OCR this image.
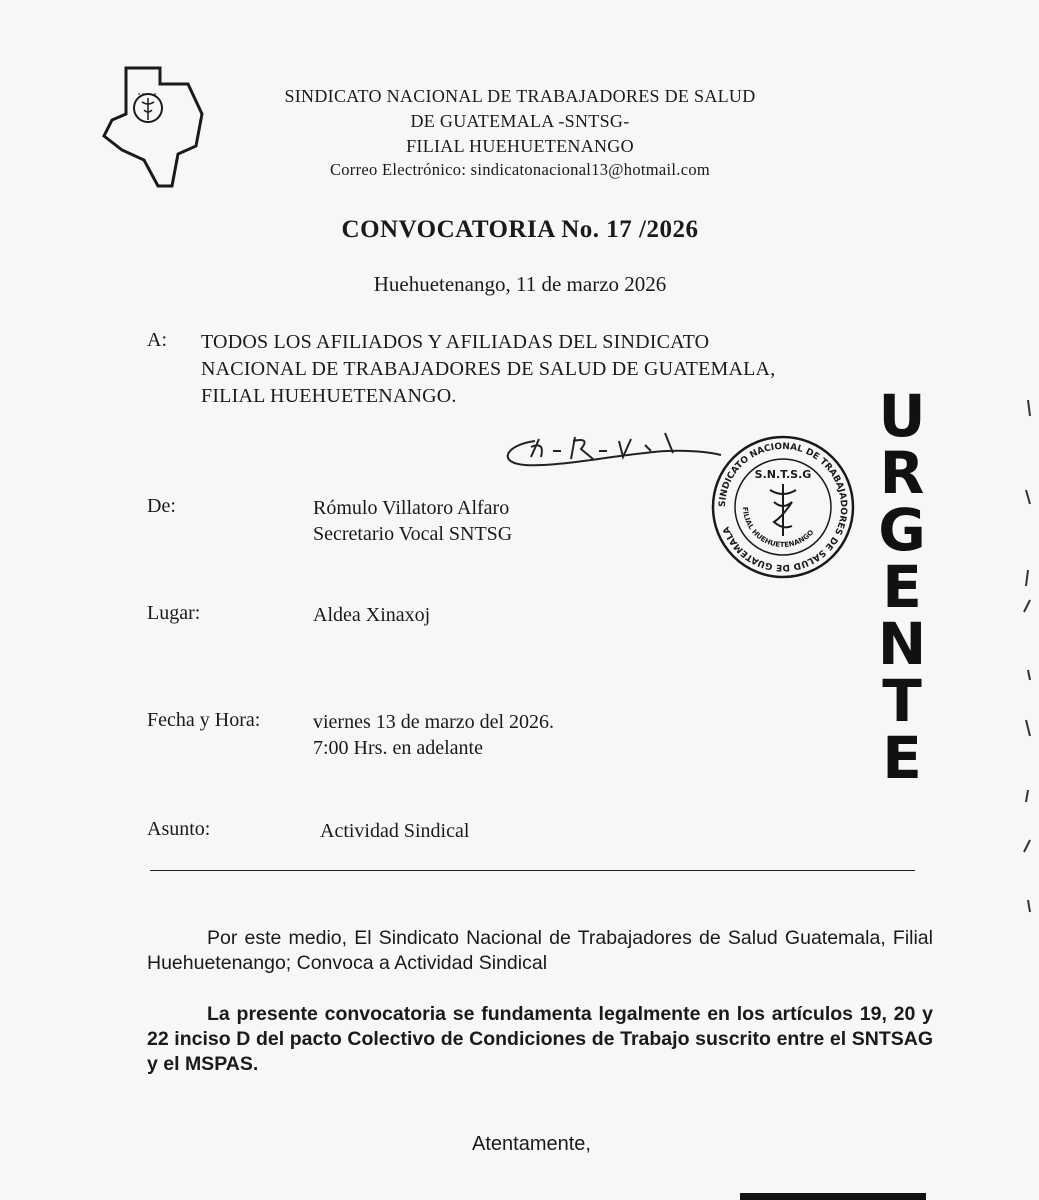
SINDICATO NACIONAL DE TRABAJADORES DE SALUD
DE GUATEMALA -SNTSG-
FILIAL HUEHUETENANGO
Correo Electrónico: sindicatonacional13@hotmail.com
CONVOCATORIA No. 17 /2026
Huehuetenango, 11 de marzo 2026
A: TODOS LOS AFILIADOS Y AFILIADAS DEL SINDICATO
NACIONAL DE TRABAJADORES DE SALUD DE GUATEMALA,
FILIAL HUEHUETENANGO.
De:	Rómulo Villatoro Alfaro
Secretario Vocal SNTSG
Lugar:	Aldea Xinaxoj
Fecha y Hora:	viernes 13 de marzo del 2026.
7:00 Hrs. en adelante
Asunto:	Actividad Sindical
Por este medio, El Sindicato Nacional de Trabajadores de Salud Guatemala, Filial Huehuetenango; Convoca a Actividad Sindical
La presente convocatoria se fundamenta legalmente en los artículos 19, 20 y 22 inciso D del pacto Colectivo de Condiciones de Trabajo suscrito entre el SNTSAG y el MSPAS.
Atentamente,
SINDICATO NACIONAL DE TRABAJADORES DE SALUD DE GUATEMALA
FILIAL HUEHUETENANGO
S.N.T.S.G
U
R
G
E
N
T
E
